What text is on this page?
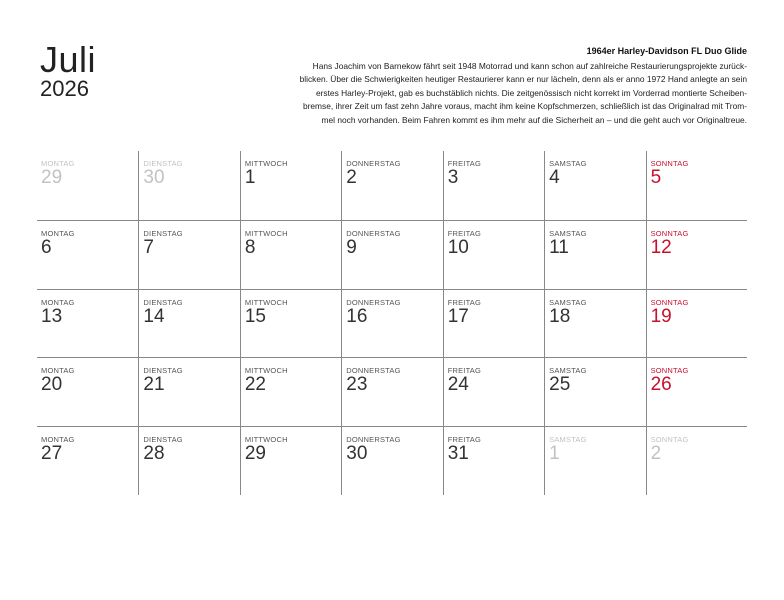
Juli
2026
1964er Harley-Davidson FL Duo Glide
Hans Joachim von Barnekow fährt seit 1948 Motorrad und kann schon auf zahlreiche Restaurierungsprojekte zurück-
blicken. Über die Schwierigkeiten heutiger Restaurierer kann er nur lächeln, denn als er anno 1972 Hand anlegte an sein
erstes Harley-Projekt, gab es buchstäblich nichts. Die zeitgenössisch nicht korrekt im Vorderrad montierte Scheiben-
bremse, ihrer Zeit um fast zehn Jahre voraus, macht ihm keine Kopfschmerzen, schließlich ist das Originalrad mit Trom-
mel noch vorhanden. Beim Fahren kommt es ihm mehr auf die Sicherheit an – und die geht auch vor Originaltreue.
MONTAG
29
DIENSTAG
30
MITTWOCH
1
DONNERSTAG
2
FREITAG
3
SAMSTAG
4
SONNTAG
5
MONTAG
6
DIENSTAG
7
MITTWOCH
8
DONNERSTAG
9
FREITAG
10
SAMSTAG
11
SONNTAG
12
MONTAG
13
DIENSTAG
14
MITTWOCH
15
DONNERSTAG
16
FREITAG
17
SAMSTAG
18
SONNTAG
19
MONTAG
20
DIENSTAG
21
MITTWOCH
22
DONNERSTAG
23
FREITAG
24
SAMSTAG
25
SONNTAG
26
MONTAG
27
DIENSTAG
28
MITTWOCH
29
DONNERSTAG
30
FREITAG
31
SAMSTAG
1
SONNTAG
2
